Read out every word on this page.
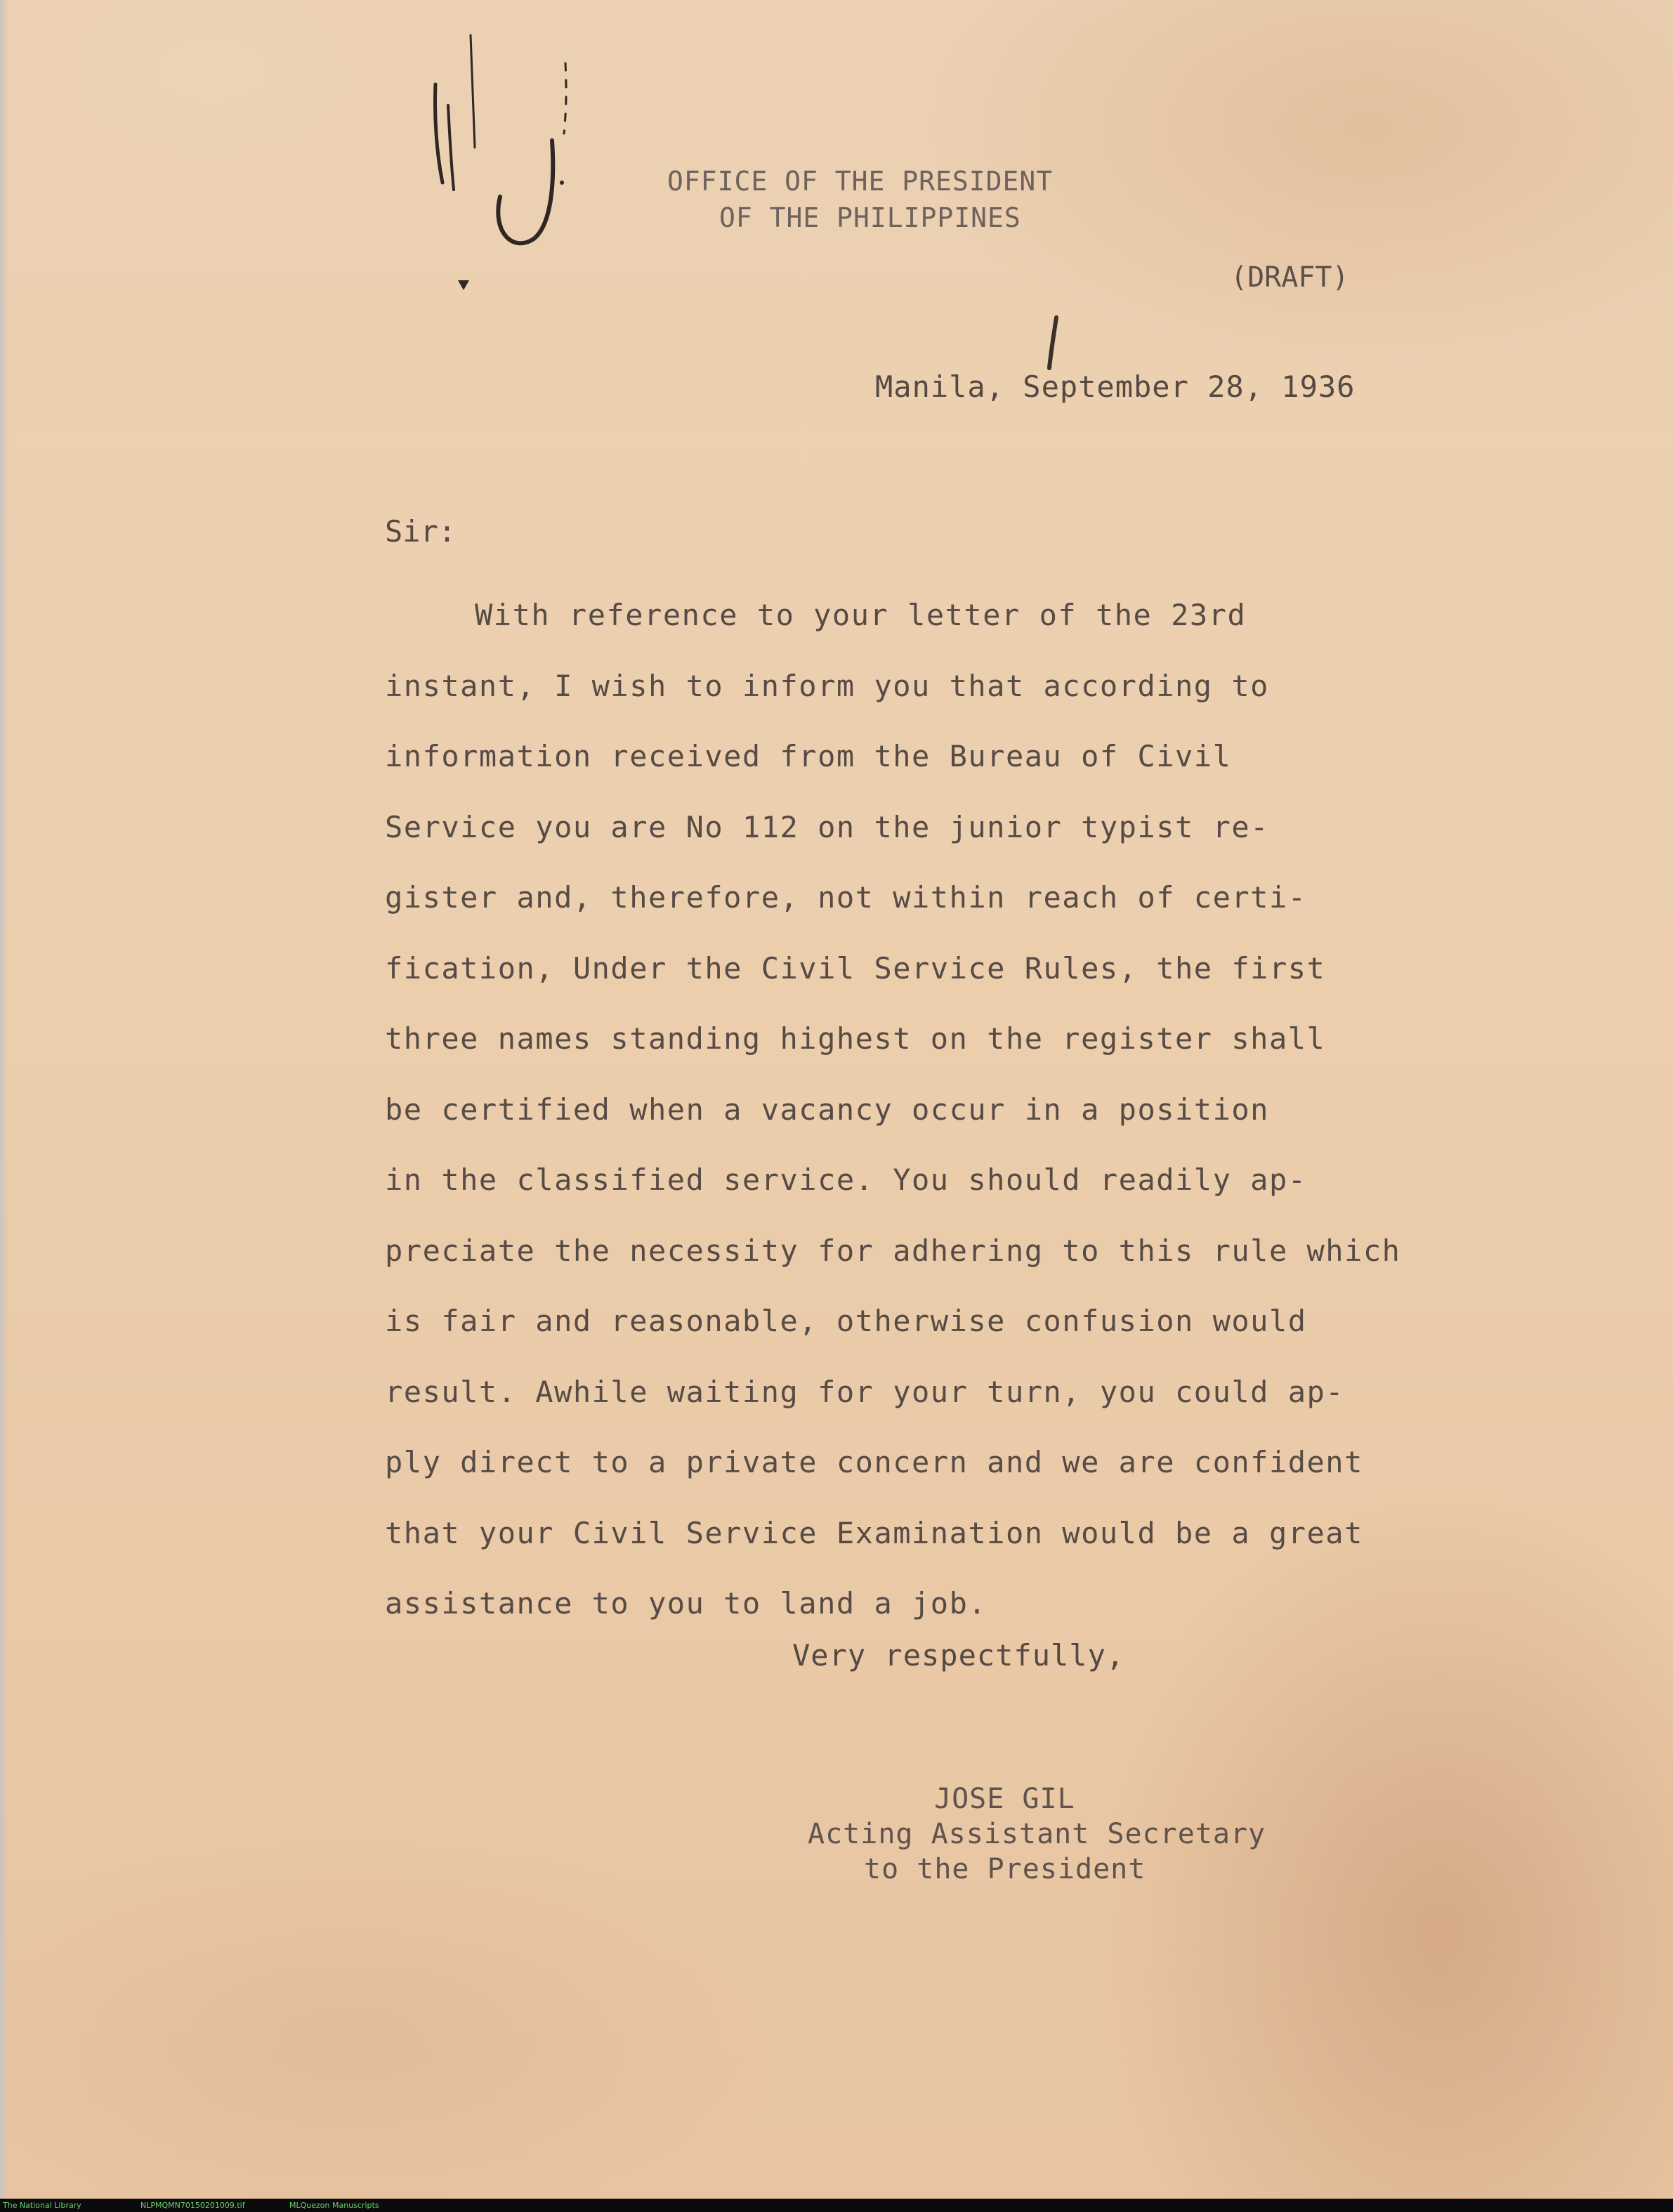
OFFICE OF THE PRESIDENT
OF THE PHILIPPINES
(DRAFT)
Manila, September 28, 1936
Sir:
With reference to your letter of the 23rd
instant, I wish to inform you that according to
information received from the Bureau of Civil
Service you are No 112 on the junior typist re-
gister and, therefore, not within reach of certi-
fication, Under the Civil Service Rules, the first
three names standing highest on the register shall
be certified when a vacancy occur in a position
in the classified service. You should readily ap-
preciate the necessity for adhering to this rule which
is fair and reasonable, otherwise confusion would
result. Awhile waiting for your turn, you could ap-
ply direct to a private concern and we are confident
that your Civil Service Examination would be a great
assistance to you to land a job.
Very respectfully,
JOSE GIL
Acting Assistant Secretary
to the President
The National Library	NLPMQMN70150201009.tif	MLQuezon Manuscripts
